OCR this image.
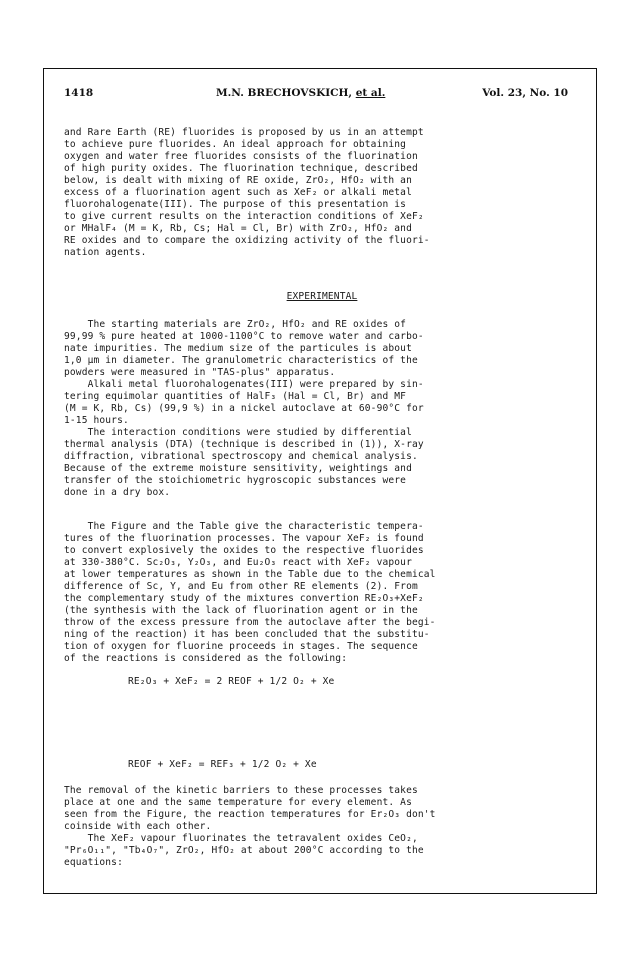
1418	M.N. BRECHOVSKICH, et al.	Vol. 23, No. 10

and Rare Earth (RE) fluorides is proposed by us in an attempt

to achieve pure fluorides. An ideal approach for obtaining

oxygen and water free fluorides consists of the fluorination

of high purity oxides. The fluorination technique, described

below, is dealt with mixing of RE oxide, ZrO₂, HfO₂ with an

excess of a fluorination agent such as XeF₂ or alkali metal

fluorohalogenate(III). The purpose of this presentation is

to give current results on the interaction conditions of XeF₂

or MHalF₄ (M = K, Rb, Cs; Hal = Cl, Br) with ZrO₂, HfO₂ and

RE oxides and to compare the oxidizing activity of the fluori-

nation agents.

EXPERIMENTAL

The starting materials are ZrO₂, HfO₂ and RE oxides of

99,99 % pure heated at 1000-1100°C to remove water and carbo-

nate impurities. The medium size of the particules is about

1,0 µm in diameter. The granulometric characteristics of the

powders were measured in "TAS-plus" apparatus.

Alkali metal fluorohalogenates(III) were prepared by sin-

tering equimolar quantities of HalF₃ (Hal = Cl, Br) and MF

(M = K, Rb, Cs) (99,9 %) in a nickel autoclave at 60-90°C for

1-15 hours.

The interaction conditions were studied by differential

thermal analysis (DTA) (technique is described in (1)), X-ray

diffraction, vibrational spectroscopy and chemical analysis.

Because of the extreme moisture sensitivity, weightings and

transfer of the stoichiometric hygroscopic substances were

done in a dry box.

The Figure and the Table give the characteristic tempera-

tures of the fluorination processes. The vapour XeF₂ is found

to convert explosively the oxides to the respective fluorides

at 330-380°C. Sc₂O₃, Y₂O₃, and Eu₂O₃ react with XeF₂ vapour

at lower temperatures as shown in the Table due to the chemical

difference of Sc, Y, and Eu from other RE elements (2). From

the complementary study of the mixtures convertion RE₂O₃+XeF₂

(the synthesis with the lack of fluorination agent or in the

throw of the excess pressure from the autoclave after the begi-

ning of the reaction) it has been concluded that the substitu-

tion of oxygen for fluorine proceeds in stages. The sequence

of the reactions is considered as the following:

RE₂O₃ + XeF₂ = 2 REOF + 1/2 O₂ + Xe

REOF + XeF₂ = REF₃ + 1/2 O₂ + Xe

The removal of the kinetic barriers to these processes takes

place at one and the same temperature for every element. As

seen from the Figure, the reaction temperatures for Er₂O₃ don't

coinside with each other.

The XeF₂ vapour fluorinates the tetravalent oxides CeO₂,

"Pr₆O₁₁", "Tb₄O₇", ZrO₂, HfO₂ at about 200°C according to the

equations:
